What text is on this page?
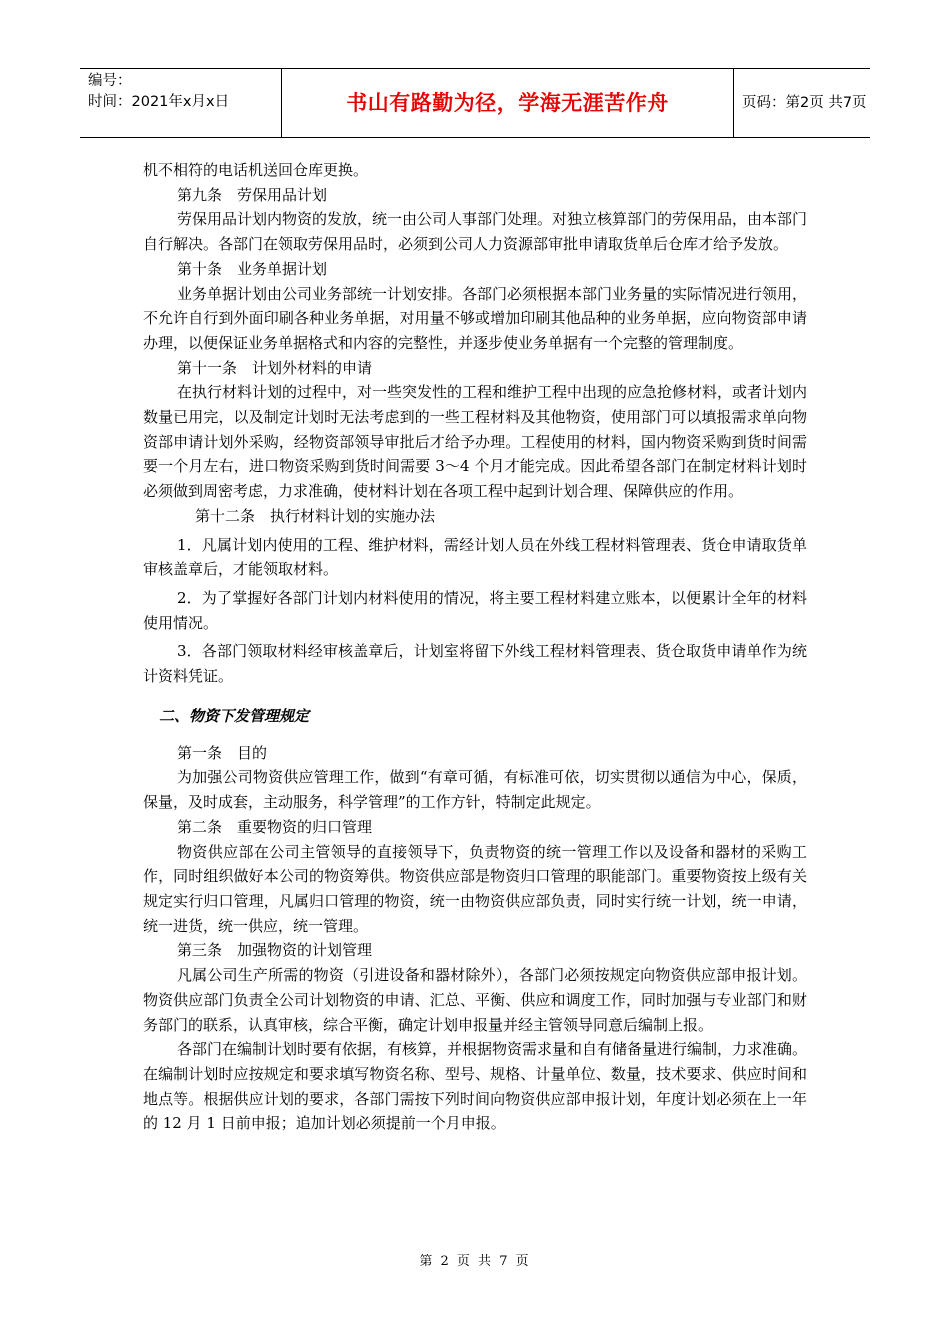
编号：
时间：2021年x月x日	书山有路勤为径，学海无涯苦作舟	页码：第2页 共7页

机不相符的电话机送回仓库更换。

第九条　劳保用品计划

劳保用品计划内物资的发放，统一由公司人事部门处理。对独立核算部门的劳保用品，由本部门自行解决。各部门在领取劳保用品时，必须到公司人力资源部审批申请取货单后仓库才给予发放。

第十条　业务单据计划

业务单据计划由公司业务部统一计划安排。各部门必须根据本部门业务量的实际情况进行领用，不允许自行到外面印刷各种业务单据，对用量不够或增加印刷其他品种的业务单据，应向物资部申请办理，以便保证业务单据格式和内容的完整性，并逐步使业务单据有一个完整的管理制度。

第十一条　计划外材料的申请

在执行材料计划的过程中，对一些突发性的工程和维护工程中出现的应急抢修材料，或者计划内数量已用完，以及制定计划时无法考虑到的一些工程材料及其他物资，使用部门可以填报需求单向物资部申请计划外采购，经物资部领导审批后才给予办理。工程使用的材料，国内物资采购到货时间需要一个月左右，进口物资采购到货时间需要 3～4 个月才能完成。因此希望各部门在制定材料计划时必须做到周密考虑，力求准确，使材料计划在各项工程中起到计划合理、保障供应的作用。

第十二条　执行材料计划的实施办法

1．凡属计划内使用的工程、维护材料，需经计划人员在外线工程材料管理表、货仓申请取货单审核盖章后，才能领取材料。

2．为了掌握好各部门计划内材料使用的情况，将主要工程材料建立账本，以便累计全年的材料使用情况。

3．各部门领取材料经审核盖章后，计划室将留下外线工程材料管理表、货仓取货申请单作为统计资料凭证。

二、物资下发管理规定

第一条　目的

为加强公司物资供应管理工作，做到“有章可循，有标准可依，切实贯彻以通信为中心，保质，保量，及时成套，主动服务，科学管理”的工作方针，特制定此规定。

第二条　重要物资的归口管理

物资供应部在公司主管领导的直接领导下，负责物资的统一管理工作以及设备和器材的采购工作，同时组织做好本公司的物资筹供。物资供应部是物资归口管理的职能部门。重要物资按上级有关规定实行归口管理，凡属归口管理的物资，统一由物资供应部负责，同时实行统一计划，统一申请，统一进货，统一供应，统一管理。

第三条　加强物资的计划管理

凡属公司生产所需的物资（引进设备和器材除外），各部门必须按规定向物资供应部申报计划。物资供应部门负责全公司计划物资的申请、汇总、平衡、供应和调度工作，同时加强与专业部门和财务部门的联系，认真审核，综合平衡，确定计划申报量并经主管领导同意后编制上报。

各部门在编制计划时要有依据，有核算，并根据物资需求量和自有储备量进行编制，力求准确。在编制计划时应按规定和要求填写物资名称、型号、规格、计量单位、数量，技术要求、供应时间和地点等。根据供应计划的要求，各部门需按下列时间向物资供应部申报计划，年度计划必须在上一年的 12 月 1 日前申报；追加计划必须提前一个月申报。

第 2 页 共 7 页
